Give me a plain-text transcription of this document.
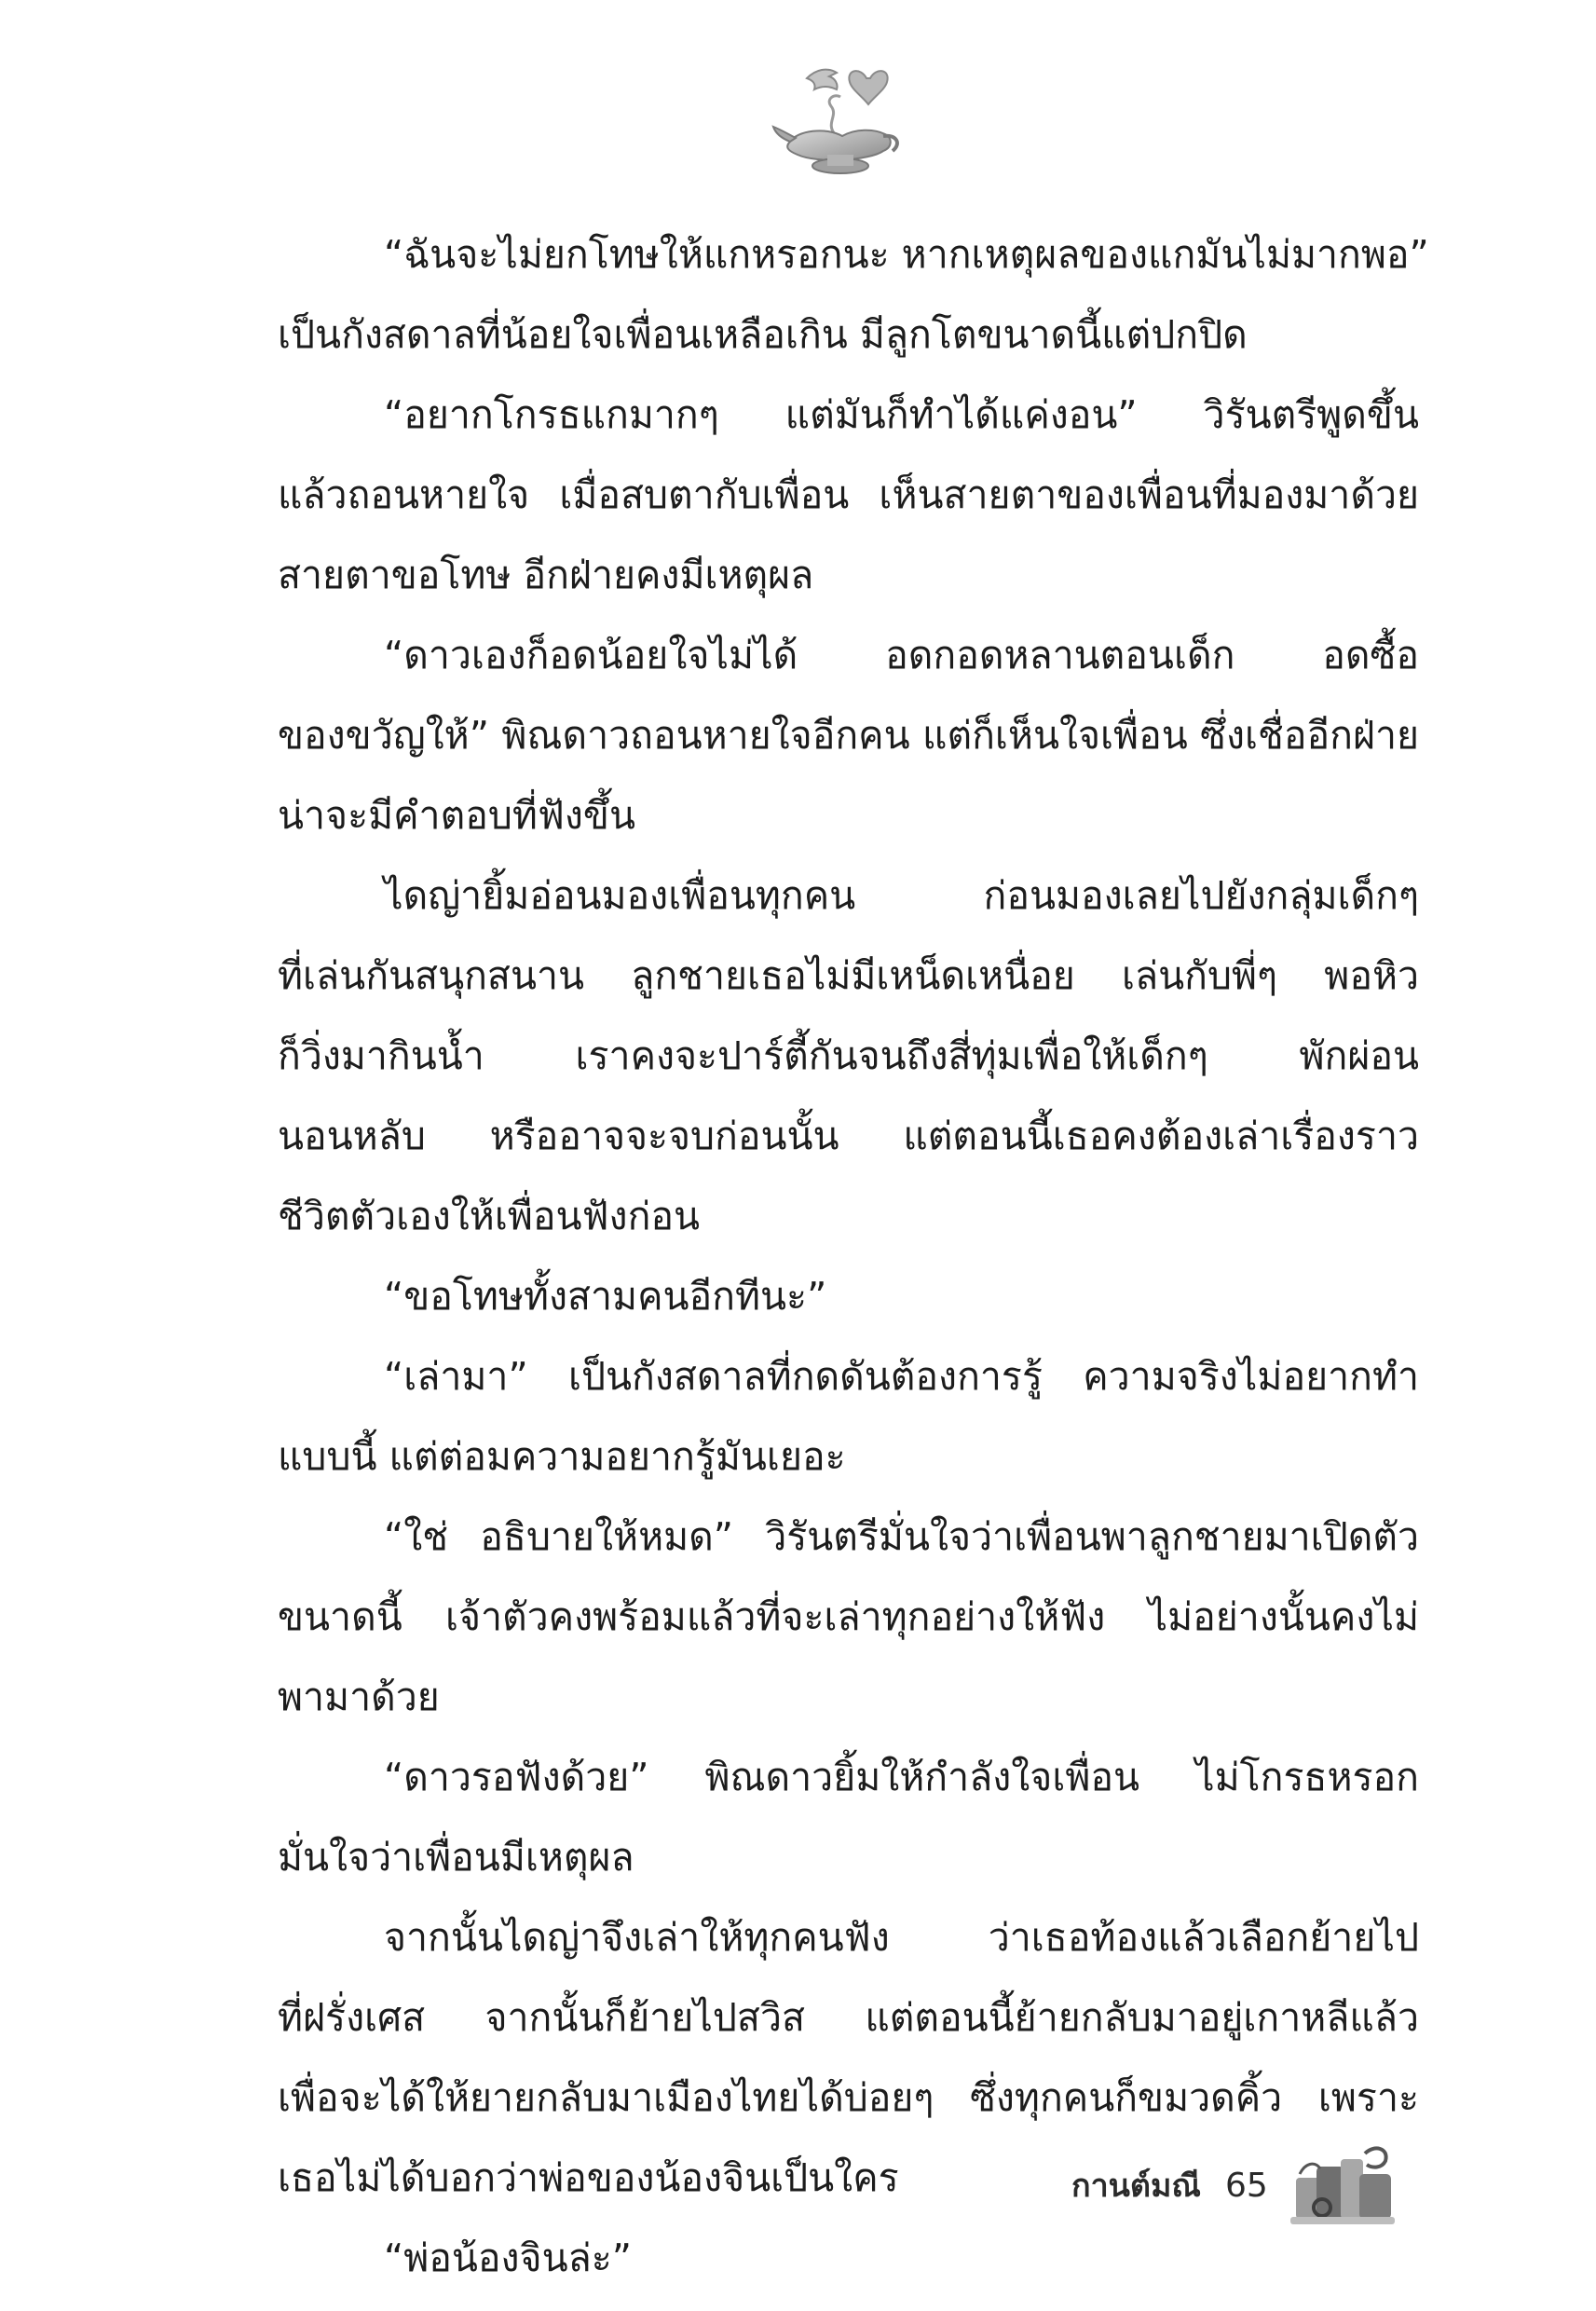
“ฉันจะไม่ยกโทษให้แกหรอกนะ หากเหตุผลของแกมันไม่มากพอ”
เป็นกังสดาลที่น้อยใจเพื่อนเหลือเกิน มีลูกโตขนาดนี้แต่ปกปิด
“อยากโกรธแกมากๆ แต่มันก็ทำได้แค่งอน” วิรันตรีพูดขึ้น
แล้วถอนหายใจ เมื่อสบตากับเพื่อน เห็นสายตาของเพื่อนที่มองมาด้วย
สายตาขอโทษ อีกฝ่ายคงมีเหตุผล
“ดาวเองก็อดน้อยใจไม่ได้ อดกอดหลานตอนเด็ก อดซื้อ
ของขวัญให้” พิณดาวถอนหายใจอีกคน แต่ก็เห็นใจเพื่อน ซึ่งเชื่ออีกฝ่าย
น่าจะมีคำตอบที่ฟังขึ้น
ไดญ่ายิ้มอ่อนมองเพื่อนทุกคน ก่อนมองเลยไปยังกลุ่มเด็กๆ
ที่เล่นกันสนุกสนาน ลูกชายเธอไม่มีเหน็ดเหนื่อย เล่นกับพี่ๆ พอหิว
ก็วิ่งมากินน้ำ เราคงจะปาร์ตี้กันจนถึงสี่ทุ่มเพื่อให้เด็กๆ พักผ่อน
นอนหลับ หรืออาจจะจบก่อนนั้น แต่ตอนนี้เธอคงต้องเล่าเรื่องราว
ชีวิตตัวเองให้เพื่อนฟังก่อน
“ขอโทษทั้งสามคนอีกทีนะ”
“เล่ามา” เป็นกังสดาลที่กดดันต้องการรู้ ความจริงไม่อยากทำ
แบบนี้ แต่ต่อมความอยากรู้มันเยอะ
“ใช่ อธิบายให้หมด” วิรันตรีมั่นใจว่าเพื่อนพาลูกชายมาเปิดตัว
ขนาดนี้ เจ้าตัวคงพร้อมแล้วที่จะเล่าทุกอย่างให้ฟัง ไม่อย่างนั้นคงไม่
พามาด้วย
“ดาวรอฟังด้วย” พิณดาวยิ้มให้กำลังใจเพื่อน ไม่โกรธหรอก
มั่นใจว่าเพื่อนมีเหตุผล
จากนั้นไดญ่าจึงเล่าให้ทุกคนฟัง ว่าเธอท้องแล้วเลือกย้ายไป
ที่ฝรั่งเศส จากนั้นก็ย้ายไปสวิส แต่ตอนนี้ย้ายกลับมาอยู่เกาหลีแล้ว
เพื่อจะได้ให้ยายกลับมาเมืองไทยได้บ่อยๆ ซึ่งทุกคนก็ขมวดคิ้ว เพราะ
เธอไม่ได้บอกว่าพ่อของน้องจินเป็นใคร
“พ่อน้องจินล่ะ”
กานต์มณี 65
